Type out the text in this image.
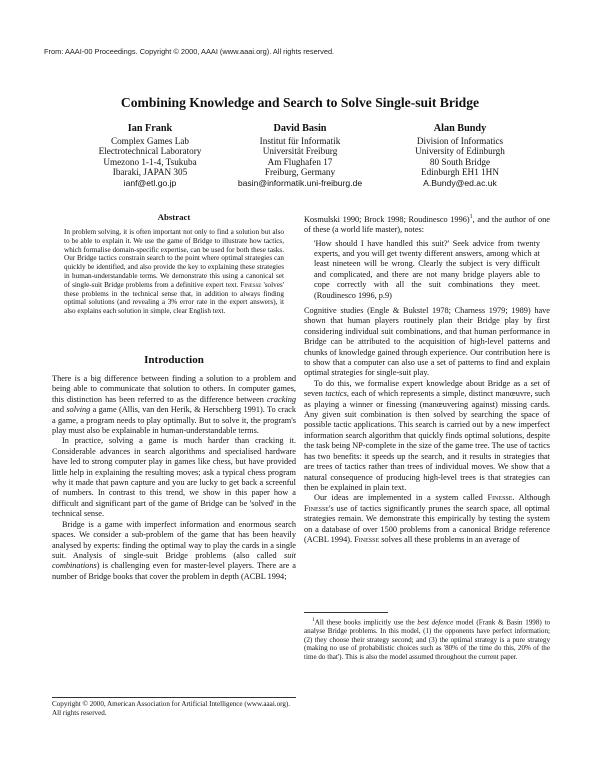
From: AAAI-00 Proceedings. Copyright © 2000, AAAI (www.aaai.org). All rights reserved.
Combining Knowledge and Search to Solve Single-suit Bridge
Ian Frank
Complex Games Lab
Electrotechnical Laboratory
Umezono 1-1-4, Tsukuba
Ibaraki, JAPAN 305
ianf@etl.go.jp
David Basin
Institut für Informatik
Universität Freiburg
Am Flughafen 17
Freiburg, Germany
basin@informatik.uni-freiburg.de
Alan Bundy
Division of Informatics
University of Edinburgh
80 South Bridge
Edinburgh EH1 1HN
A.Bundy@ed.ac.uk
Abstract

In problem solving, it is often important not only to find a solution but also to be able to explain it. We use the game of Bridge to illustrate how tactics, which formalise domain-specific expertise, can be used for both these tasks. Our Bridge tactics constrain search to the point where optimal strategies can quickly be identified, and also provide the key to explaining these strategies in human-understandable terms. We demonstrate this using a canonical set of single-suit Bridge problems from a definitive expert text. Finesse 'solves' these problems in the technical sense that, in addition to always finding optimal solutions (and revealing a 3% error rate in the expert answers), it also explains each solution in simple, clear English text.

Introduction

There is a big difference between finding a solution to a problem and being able to communicate that solution to others. In computer games, this distinction has been referred to as the difference between cracking and solving a game (Allis, van den Herik, & Herschberg 1991). To crack a game, a program needs to play optimally. But to solve it, the program's play must also be explainable in human-understandable terms.

In practice, solving a game is much harder than cracking it. Considerable advances in search algorithms and specialised hardware have led to strong computer play in games like chess, but have provided little help in explaining the resulting moves; ask a typical chess program why it made that pawn capture and you are lucky to get back a screenful of numbers. In contrast to this trend, we show in this paper how a difficult and significant part of the game of Bridge can be 'solved' in the technical sense.

Bridge is a game with imperfect information and enormous search spaces. We consider a sub-problem of the game that has been heavily analysed by experts: finding the optimal way to play the cards in a single suit. Analysis of single-suit Bridge problems (also called suit combinations) is challenging even for master-level players. There are a number of Bridge books that cover the problem in depth (ACBL 1994;

Copyright © 2000, American Association for Artificial Intelligence (www.aaai.org). All rights reserved.

Kosmulski 1990; Brock 1998; Roudinesco 1996)$^1$, and the author of one of these (a world life master), notes:

'How should I have handled this suit?' Seek advice from twenty experts, and you will get twenty different answers, among which at least nineteen will be wrong. Clearly the subject is very difficult and complicated, and there are not many bridge players able to cope correctly with all the suit combinations they meet. (Roudinesco 1996, p.9)

Cognitive studies (Engle & Bukstel 1978; Charness 1979; 1989) have shown that human players routinely plan their Bridge play by first considering individual suit combinations, and that human performance in Bridge can be attributed to the acquisition of high-level patterns and chunks of knowledge gained through experience. Our contribution here is to show that a computer can also use a set of patterns to find and explain optimal strategies for single-suit play.

To do this, we formalise expert knowledge about Bridge as a set of seven tactics, each of which represents a simple, distinct manœuvre, such as playing a winner or finessing (manœuvering against) missing cards. Any given suit combination is then solved by searching the space of possible tactic applications. This search is carried out by a new imperfect information search algorithm that quickly finds optimal solutions, despite the task being NP-complete in the size of the game tree. The use of tactics has two benefits: it speeds up the search, and it results in strategies that are trees of tactics rather than trees of individual moves. We show that a natural consequence of producing high-level trees is that strategies can then be explained in plain text.

Our ideas are implemented in a system called Finesse. Although Finesse's use of tactics significantly prunes the search space, all optimal strategies remain. We demonstrate this empirically by testing the system on a database of over 1500 problems from a canonical Bridge reference (ACBL 1994). Finesse solves all these problems in an average of

$^1$All these books implicitly use the best defence model (Frank & Basin 1998) to analyse Bridge problems. In this model, (1) the opponents have perfect information; (2) they choose their strategy second; and (3) the optimal strategy is a pure strategy (making no use of probabilistic choices such as '80% of the time do this, 20% of the time do that'). This is also the model assumed throughout the current paper.
